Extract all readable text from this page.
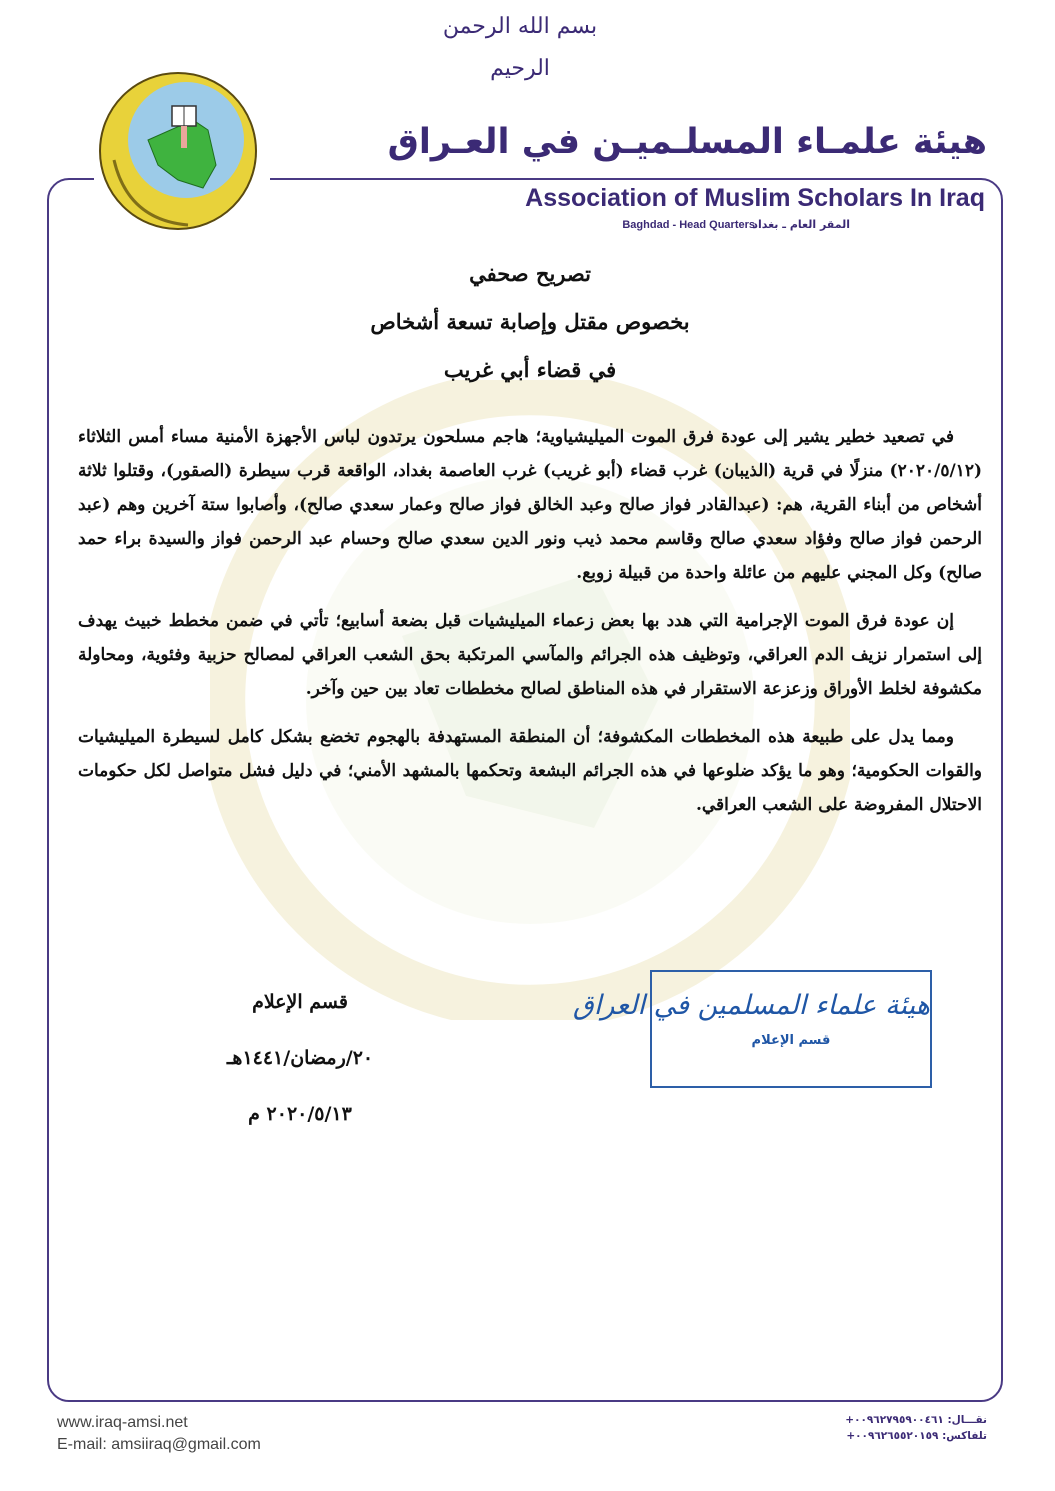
بسم الله الرحمن الرحيم
هيئة علمـاء المسلـميـن في العـراق
Association of Muslim Scholars In Iraq
Baghdad - Head Quarters
المقر العام ـ بغداد
تصريح صحفي
بخصوص مقتل وإصابة تسعة أشخاص
في قضاء أبي غريب

في تصعيد خطير يشير إلى عودة فرق الموت الميليشياوية؛ هاجم مسلحون يرتدون لباس الأجهزة الأمنية مساء أمس الثلاثاء (٢٠٢٠/٥/١٢) منزلًا في قرية (الذيبان) غرب قضاء (أبو غريب) غرب العاصمة بغداد، الواقعة قرب سيطرة (الصقور)، وقتلوا ثلاثة أشخاص من أبناء القرية، هم: (عبدالقادر فواز صالح وعبد الخالق فواز صالح وعمار سعدي صالح)، وأصابوا ستة آخرين وهم (عبد الرحمن فواز صالح وفؤاد سعدي صالح وقاسم محمد ذيب ونور الدين سعدي صالح وحسام عبد الرحمن فواز والسيدة براء حمد صالح) وكل المجني عليهم من عائلة واحدة من قبيلة زوبع.

إن عودة فرق الموت الإجرامية التي هدد بها بعض زعماء الميليشيات قبل بضعة أسابيع؛ تأتي في ضمن مخطط خبيث يهدف إلى استمرار نزيف الدم العراقي، وتوظيف هذه الجرائم والمآسي المرتكبة بحق الشعب العراقي لمصالح حزبية وفئوية، ومحاولة مكشوفة لخلط الأوراق وزعزعة الاستقرار في هذه المناطق لصالح مخططات تعاد بين حين وآخر.

ومما يدل على طبيعة هذه المخططات المكشوفة؛ أن المنطقة المستهدفة بالهجوم تخضع بشكل كامل لسيطرة الميليشيات والقوات الحكومية؛ وهو ما يؤكد ضلوعها في هذه الجرائم البشعة وتحكمها بالمشهد الأمني؛ في دليل فشل متواصل لكل حكومات الاحتلال المفروضة على الشعب العراقي.

قسم الإعلام
٢٠/رمضان/١٤٤١هـ
٢٠٢٠/٥/١٣ م
هيئة علماء المسلمين في العراق
قسم الإعلام
www.iraq-amsi.net
E-mail: amsiiraq@gmail.com
نقـــال: ٠٠٩٦٢٧٩٥٩٠٠٤٦١+
تلفاكس: ٠٠٩٦٢٦٥٥٢٠١٥٩+
